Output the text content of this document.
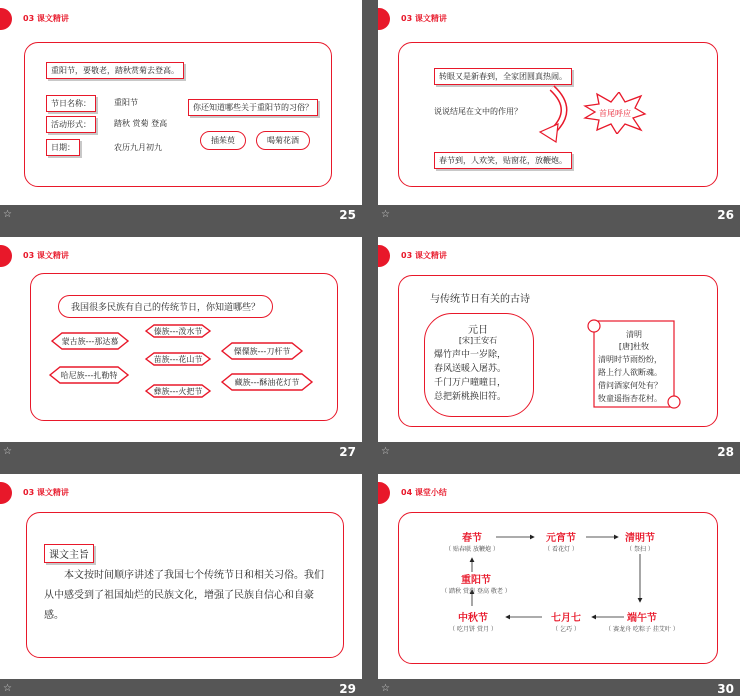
03 课文精讲
重阳节，要敬老，踏秋赏菊去登高。
节日名称：	重阳节
活动形式：	踏秋 赏菊 登高
日期：	农历九月初九
你还知道哪些关于重阳节的习俗？
插茱萸	喝菊花酒
☆	25
03 课文精讲
转眼又是新春到，全家团圆真热闹。
说说结尾在文中的作用？	首尾呼应
春节到，人欢笑，贴窗花，放鞭炮。
☆	26
03 课文精讲
我国很多民族有自己的传统节日，你知道哪些？
蒙古族---那达慕
傣族---泼水节
傈僳族---刀杆节
苗族---花山节
哈尼族---扎勒特
藏族---酥油花灯节
彝族---火把节
☆	27
03 课文精讲
与传统节日有关的古诗
元日
[宋]王安石
爆竹声中一岁除，
春风送暖入屠苏。
千门万户曈曈日，
总把新桃换旧符。
清明
[唐]杜牧
清明时节雨纷纷，
路上行人欲断魂。
借问酒家何处有？
牧童遥指杏花村。
☆	28
03 课文精讲
课文主旨
本文按时间顺序讲述了我国七个传统节日和相关习俗。我们从中感受到了祖国灿烂的民族文化，增强了民族自信心和自豪感。
☆	29
04 课堂小结
春节
（ 贴春联 放鞭炮 ）
元宵节
（ 看花灯 ）
清明节
（ 祭扫 ）
端午节
（ 赛龙舟 吃粽子 挂艾叶 ）
七月七
（ 乞巧 ）
中秋节
（ 吃月饼 赏月 ）
重阳节
（ 踏秋 赏菊 登高 敬老 ）
☆	30
